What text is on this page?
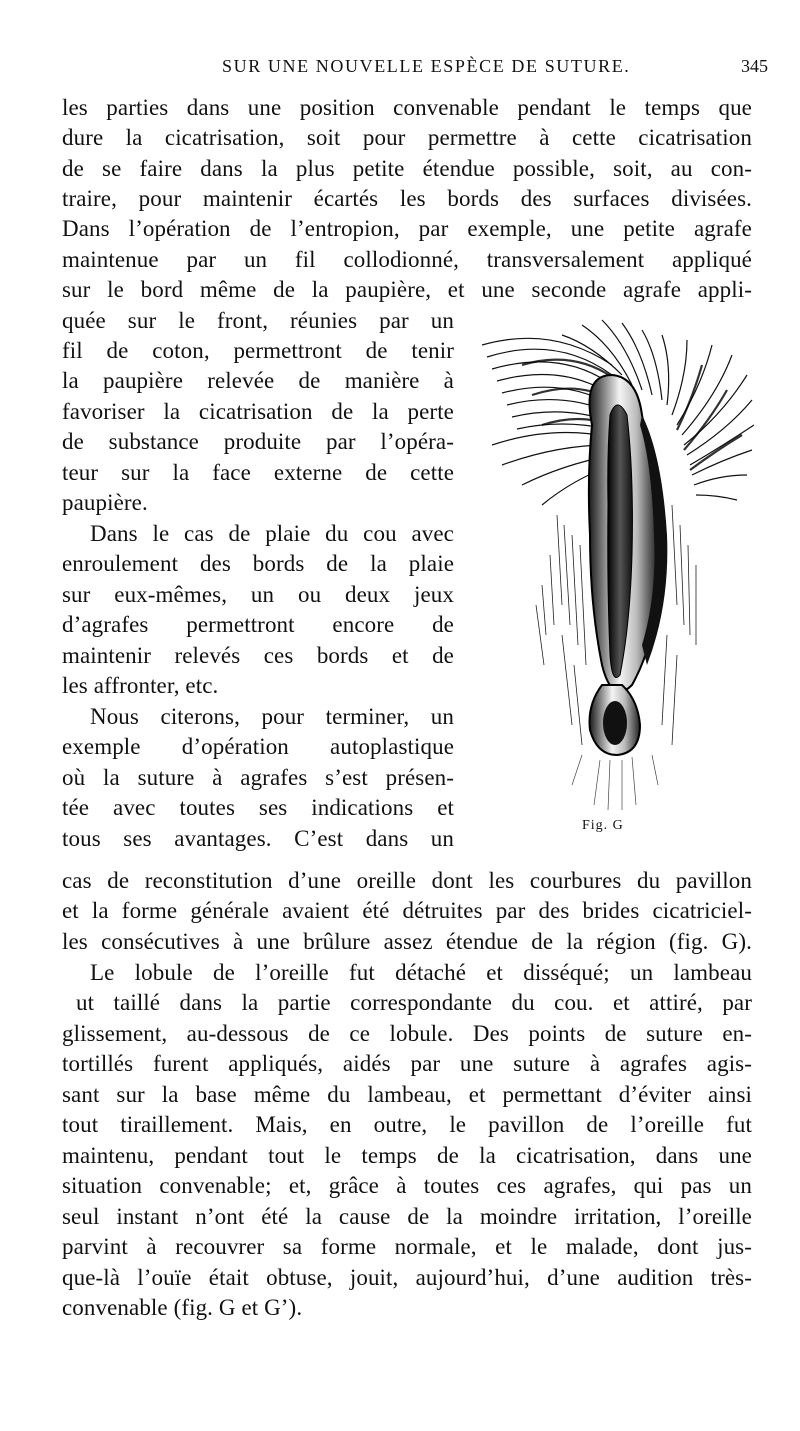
SUR UNE NOUVELLE ESPÈCE DE SUTURE.	345
les parties dans une position convenable pendant le temps que
dure la cicatrisation, soit pour permettre à cette cicatrisation
de se faire dans la plus petite étendue possible, soit, au con-
traire, pour maintenir écartés les bords des surfaces divisées.
Dans l’opération de l’entropion, par exemple, une petite agrafe
maintenue par un fil collodionné, transversalement appliqué
sur le bord même de la paupière, et une seconde agrafe appli-
quée sur le front, réunies par un
fil de coton, permettront de tenir
la paupière relevée de manière à
favoriser la cicatrisation de la perte
de substance produite par l’opéra-
teur sur la face externe de cette
paupière.
Dans le cas de plaie du cou avec
enroulement des bords de la plaie
sur eux-mêmes, un ou deux jeux
d’agrafes permettront encore de
maintenir relevés ces bords et de
les affronter, etc.
Nous citerons, pour terminer, un
exemple d’opération autoplastique
où la suture à agrafes s’est présen-
tée avec toutes ses indications et
tous ses avantages. C’est dans un
cas de reconstitution d’une oreille dont les courbures du pavillon
et la forme générale avaient été détruites par des brides cicatriciel-
les consécutives à une brûlure assez étendue de la région (fig. G).
Le lobule de l’oreille fut détaché et disséqué; un lambeau
ut taillé dans la partie correspondante du cou. et attiré, par
glissement, au-dessous de ce lobule. Des points de suture en-
tortillés furent appliqués, aidés par une suture à agrafes agis-
sant sur la base même du lambeau, et permettant d’éviter ainsi
tout tiraillement. Mais, en outre, le pavillon de l’oreille fut
maintenu, pendant tout le temps de la cicatrisation, dans une
situation convenable; et, grâce à toutes ces agrafes, qui pas un
seul instant n’ont été la cause de la moindre irritation, l’oreille
parvint à recouvrer sa forme normale, et le malade, dont jus-
que-là l’ouïe était obtuse, jouit, aujourd’hui, d’une audition très-
convenable (fig. G et G’).
Fig. G
